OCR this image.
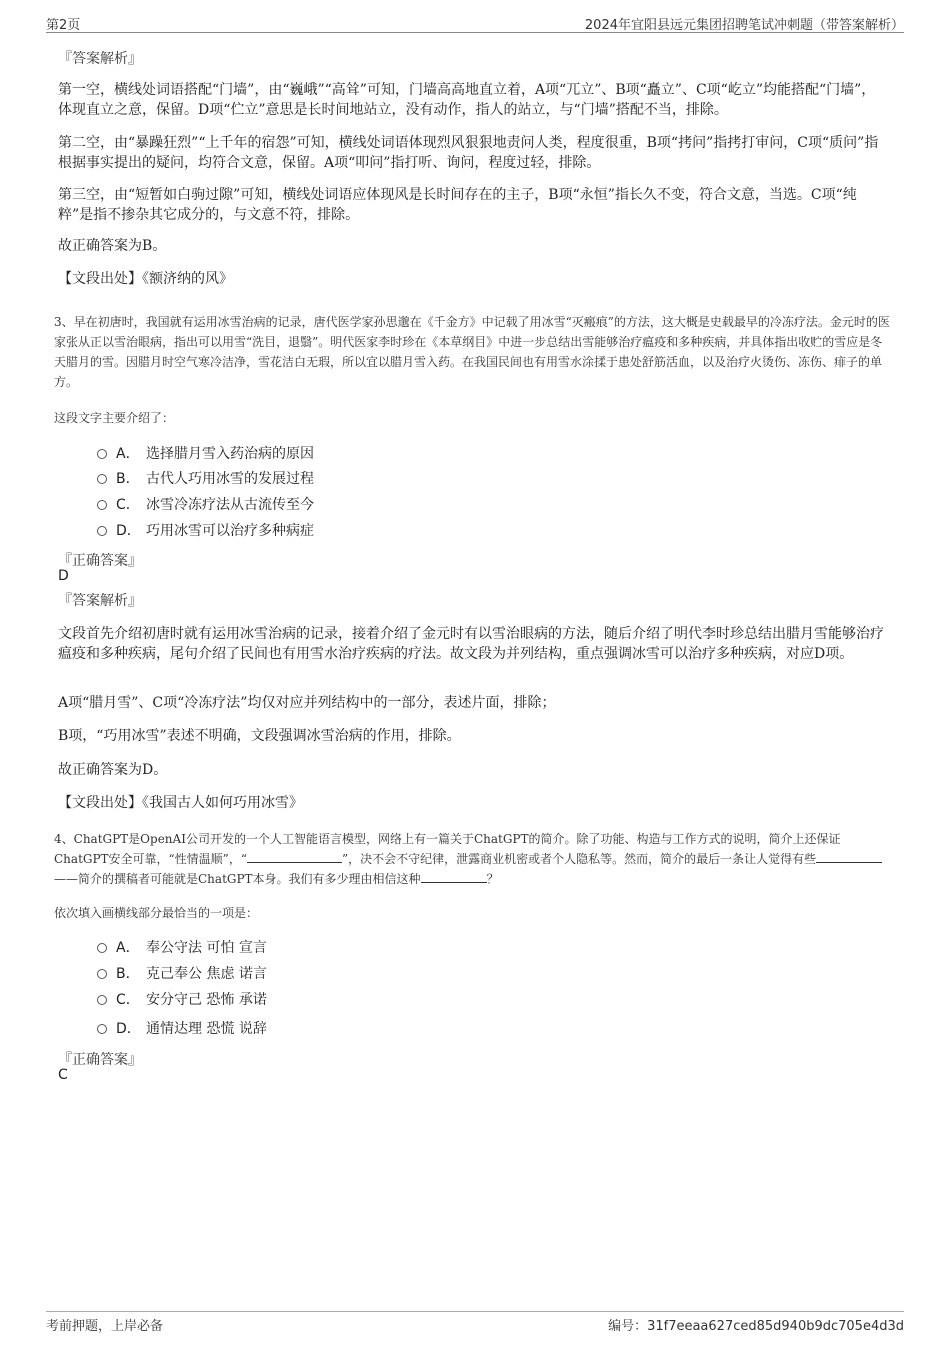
第2页	2024年宜阳县远元集团招聘笔试冲刺题（带答案解析）
『答案解析』
第一空，横线处词语搭配“门墙”，由“巍峨”“高耸”可知，门墙高高地直立着，A项“兀立”、B项“矗立”、C项“屹立”均能搭配“门墙”，体现直立之意，保留。D项“伫立”意思是长时间地站立，没有动作，指人的站立，与“门墙”搭配不当，排除。
第二空，由“暴躁狂烈”“上千年的宿怨”可知，横线处词语体现烈风狠狠地责问人类，程度很重，B项“拷问”指拷打审问，C项“质问”指根据事实提出的疑问，均符合文意，保留。A项“叩问”指打听、询问，程度过轻，排除。
第三空，由“短暂如白驹过隙”可知，横线处词语应体现风是长时间存在的主子，B项“永恒”指长久不变，符合文意，当选。C项“纯粹”是指不掺杂其它成分的，与文意不符，排除。
故正确答案为B。
【文段出处】《额济纳的风》
3、早在初唐时，我国就有运用冰雪治病的记录，唐代医学家孙思邈在《千金方》中记载了用冰雪“灭瘢痕”的方法，这大概是史载最早的冷冻疗法。金元时的医家张从正以雪治眼病，指出可以用雪“洗目，退翳”。明代医家李时珍在《本草纲目》中进一步总结出雪能够治疗瘟疫和多种疾病，并具体指出收贮的雪应是冬天腊月的雪。因腊月时空气寒冷洁净，雪花洁白无瑕，所以宜以腊月雪入药。在我国民间也有用雪水涂揉于患处舒筋活血，以及治疗火烫伤、冻伤、痱子的单方。
这段文字主要介绍了：
A． 选择腊月雪入药治病的原因
B． 古代人巧用冰雪的发展过程
C． 冰雪冷冻疗法从古流传至今
D． 巧用冰雪可以治疗多种病症
『正确答案』
D
『答案解析』
文段首先介绍初唐时就有运用冰雪治病的记录，接着介绍了金元时有以雪治眼病的方法，随后介绍了明代李时珍总结出腊月雪能够治疗瘟疫和多种疾病，尾句介绍了民间也有用雪水治疗疾病的疗法。故文段为并列结构，重点强调冰雪可以治疗多种疾病，对应D项。
A项“腊月雪”、C项“冷冻疗法”均仅对应并列结构中的一部分，表述片面，排除；
B项，“巧用冰雪”表述不明确，文段强调冰雪治病的作用，排除。
故正确答案为D。
【文段出处】《我国古人如何巧用冰雪》
4、ChatGPT是OpenAI公司开发的一个人工智能语言模型，网络上有一篇关于ChatGPT的简介。除了功能、构造与工作方式的说明，简介上还保证ChatGPT安全可靠，“性情温顺”，“	”，决不会不守纪律，泄露商业机密或者个人隐私等。然而，简介的最后一条让人觉得有些——简介的撰稿者可能就是ChatGPT本身。我们有多少理由相信这种	？
依次填入画横线部分最恰当的一项是：
A． 奉公守法 可怕 宣言
B． 克己奉公 焦虑 诺言
C． 安分守己 恐怖 承诺
D． 通情达理 恐慌 说辞
『正确答案』
C
考前押题，上岸必备	编号：31f7eeaa627ced85d940b9dc705e4d3d
